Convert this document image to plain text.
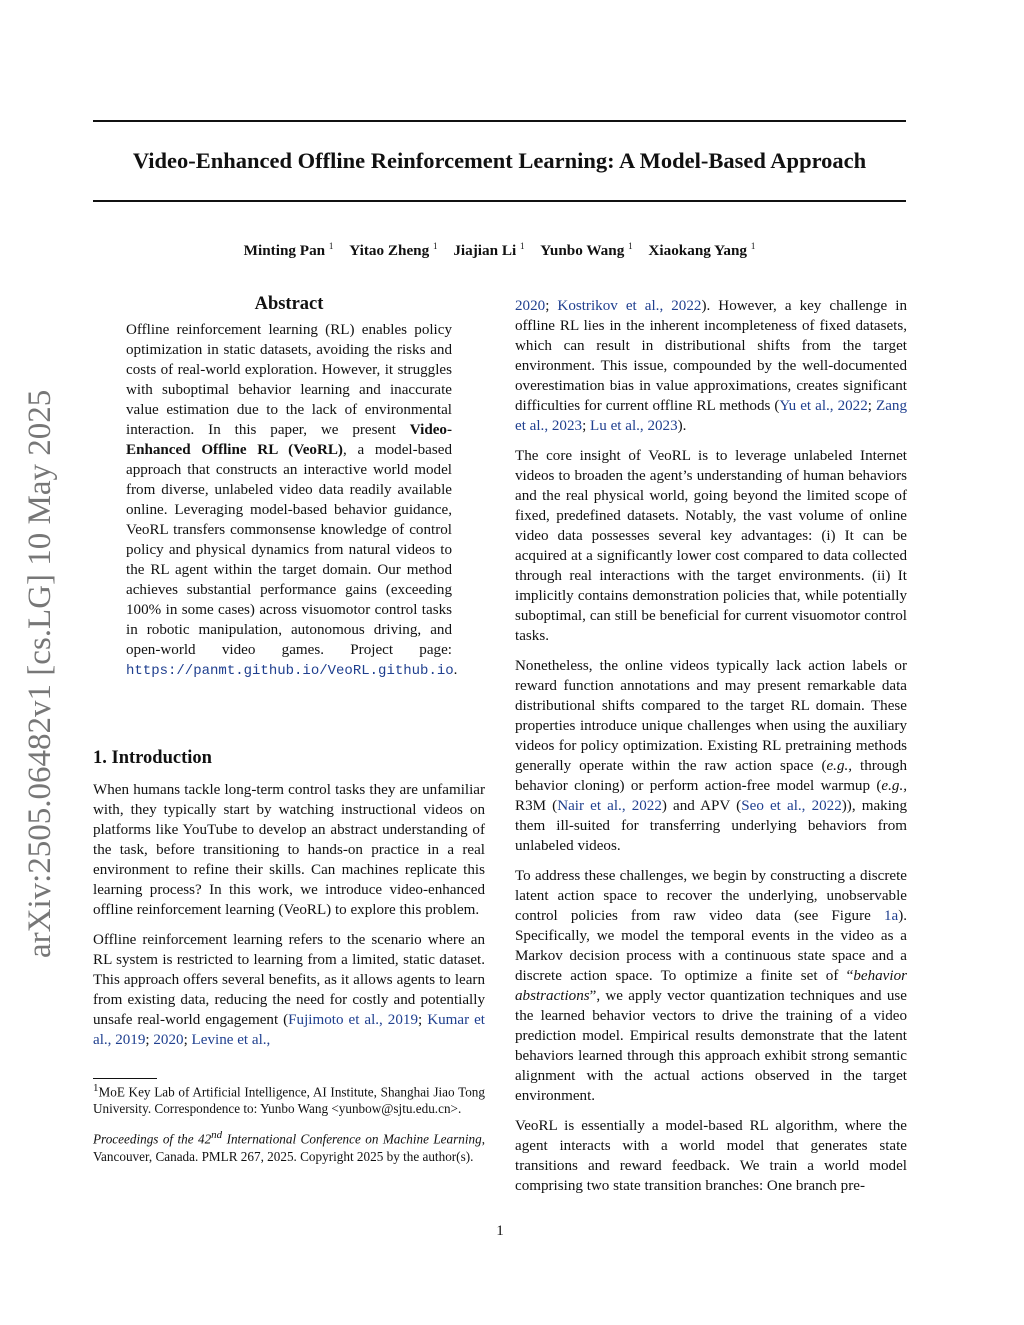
Video-Enhanced Offline Reinforcement Learning: A Model-Based Approach
Minting Pan $^1$ Yitao Zheng $^1$ Jiajian Li $^1$ Yunbo Wang $^1$ Xiaokang Yang $^1$
arXiv:2505.06482v1 [cs.LG] 10 May 2025
Abstract

Offline reinforcement learning (RL) enables policy optimization in static datasets, avoiding the risks and costs of real-world exploration. However, it struggles with suboptimal behavior learning and inaccurate value estimation due to the lack of environmental interaction. In this paper, we present Video-Enhanced Offline RL (VeoRL), a model-based approach that constructs an interactive world model from diverse, unlabeled video data readily available online. Leveraging model-based behavior guidance, VeoRL transfers commonsense knowledge of control policy and physical dynamics from natural videos to the RL agent within the target domain. Our method achieves substantial performance gains (exceeding 100% in some cases) across visuomotor control tasks in robotic manipulation, autonomous driving, and open-world video games. Project page: https://panmt.github.io/VeoRL.github.io.

1. Introduction

When humans tackle long-term control tasks they are unfamiliar with, they typically start by watching instructional videos on platforms like YouTube to develop an abstract understanding of the task, before transitioning to hands-on practice in a real environment to refine their skills. Can machines replicate this learning process? In this work, we introduce video-enhanced offline reinforcement learning (VeoRL) to explore this problem.

Offline reinforcement learning refers to the scenario where an RL system is restricted to learning from a limited, static dataset. This approach offers several benefits, as it allows agents to learn from existing data, reducing the need for costly and potentially unsafe real-world engagement (Fujimoto et al., 2019; Kumar et al., 2019; 2020; Levine et al.,

$^1$MoE Key Lab of Artificial Intelligence, AI Institute, Shanghai Jiao Tong University. Correspondence to: Yunbo Wang <yunbow@sjtu.edu.cn>.

Proceedings of the 42nd International Conference on Machine Learning, Vancouver, Canada. PMLR 267, 2025. Copyright 2025 by the author(s).

2020; Kostrikov et al., 2022). However, a key challenge in offline RL lies in the inherent incompleteness of fixed datasets, which can result in distributional shifts from the target environment. This issue, compounded by the well-documented overestimation bias in value approximations, creates significant difficulties for current offline RL methods (Yu et al., 2022; Zang et al., 2023; Lu et al., 2023).

The core insight of VeoRL is to leverage unlabeled Internet videos to broaden the agent’s understanding of human behaviors and the real physical world, going beyond the limited scope of fixed, predefined datasets. Notably, the vast volume of online video data possesses several key advantages: (i) It can be acquired at a significantly lower cost compared to data collected through real interactions with the target environments. (ii) It implicitly contains demonstration policies that, while potentially suboptimal, can still be beneficial for current visuomotor control tasks.

Nonetheless, the online videos typically lack action labels or reward function annotations and may present remarkable data distributional shifts compared to the target RL domain. These properties introduce unique challenges when using the auxiliary videos for policy optimization. Existing RL pretraining methods generally operate within the raw action space (e.g., through behavior cloning) or perform action-free model warmup (e.g., R3M (Nair et al., 2022) and APV (Seo et al., 2022)), making them ill-suited for transferring underlying behaviors from unlabeled videos.

To address these challenges, we begin by constructing a discrete latent action space to recover the underlying, unobservable control policies from raw video data (see Figure 1a). Specifically, we model the temporal events in the video as a Markov decision process with a continuous state space and a discrete action space. To optimize a finite set of “behavior abstractions”, we apply vector quantization techniques and use the learned behavior vectors to drive the training of a video prediction model. Empirical results demonstrate that the latent behaviors learned through this approach exhibit strong semantic alignment with the actual actions observed in the target environment.

VeoRL is essentially a model-based RL algorithm, where the agent interacts with a world model that generates state transitions and reward feedback. We train a world model comprising two state transition branches: One branch pre-

1
